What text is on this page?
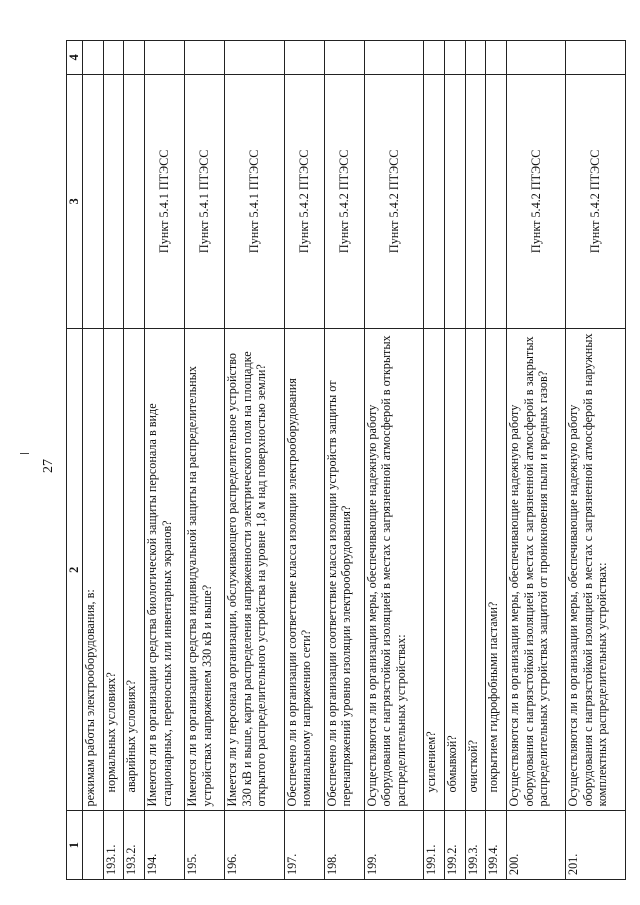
27
1	2	3	4
	режимам работы электрооборудования, в:		
193.1.	нормальных условиях?		
193.2.	аварийных условиях?		
194.	Имеются ли в организации средства биологической защиты персонала в виде стационарных, переносных или инвентарных экранов?	Пункт 5.4.1 ПТЭСС	
195.	Имеются ли в организации средства индивидуальной защиты на распределительных устройствах напряжением 330 кВ и выше?	Пункт 5.4.1 ПТЭСС	
196.	Имеется ли у персонала организации, обслуживающего распределительное устройство 330 кВ и выше, карты распределения напряженности электрического поля на площадке открытого распределительного устройства на уровне 1,8 м над поверхностью земли?	Пункт 5.4.1 ПТЭСС	
197.	Обеспечено ли в организации соответствие класса изоляции электрооборудования номинальному напряжению сети?	Пункт 5.4.2 ПТЭСС	
198.	Обеспечено ли в организации соответствие класса изоляции устройств защиты от перенапряжений уровню изоляции электрооборудования?	Пункт 5.4.2 ПТЭСС	
199.	Осуществляются ли в организации меры, обеспечивающие надежную работу оборудования с нагрязстойкой изоляцией в местах с загрязненной атмосферой в открытых распределительных устройствах:	Пункт 5.4.2 ПТЭСС	
199.1.	усилением?		
199.2.	обмывкой?		
199.3.	очисткой?		
199.4.	покрытием гидрофобными пастами?		
200.	Осуществляются ли в организации меры, обеспечивающие надежную работу оборудования с нагрязстойкой изоляцией в местах с загрязненной атмосферой в закрытых распределительных устройствах защитой от проникновения пыли и вредных газов?	Пункт 5.4.2 ПТЭСС	
201.	Осуществляются ли в организации меры, обеспечивающие надежную работу оборудования с нагрязстойкой изоляцией в местах с загрязненной атмосферой в наружных комплектных распределительных устройствах:	Пункт 5.4.2 ПТЭСС	
